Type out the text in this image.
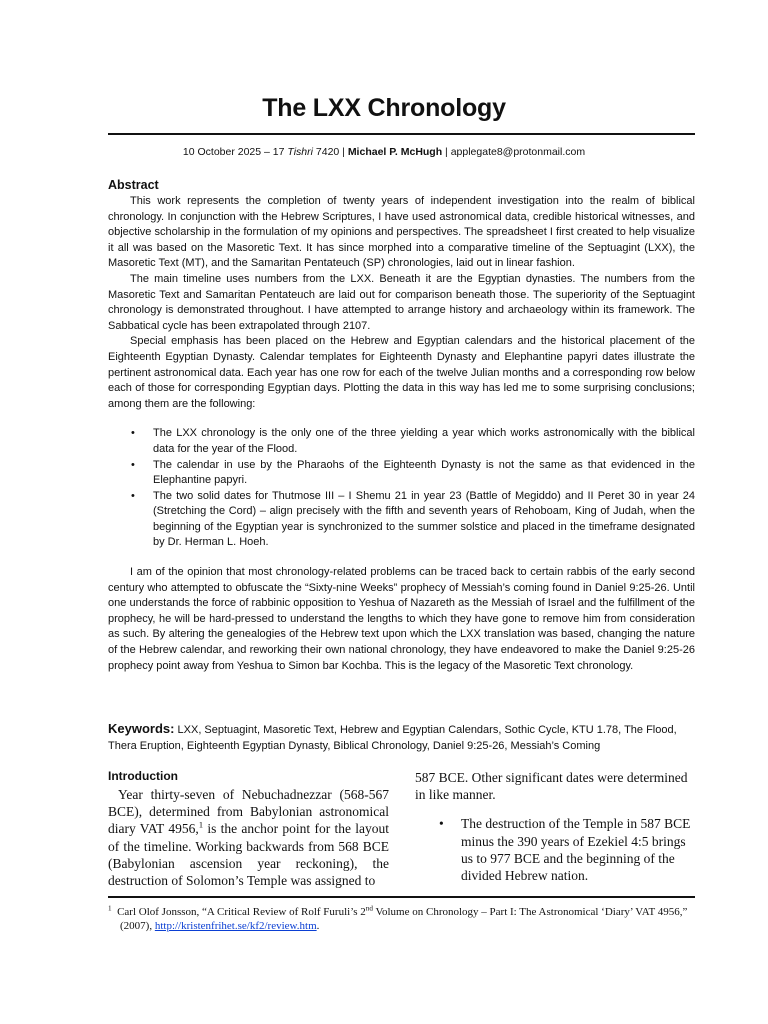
The LXX Chronology
10 October 2025 – 17 Tishri 7420 | Michael P. McHugh | applegate8@protonmail.com
Abstract

This work represents the completion of twenty years of independent investigation into the realm of biblical chronology. In conjunction with the Hebrew Scriptures, I have used astronomical data, credible historical witnesses, and objective scholarship in the formulation of my opinions and perspectives. The spreadsheet I first created to help visualize it all was based on the Masoretic Text. It has since morphed into a comparative timeline of the Septuagint (LXX), the Masoretic Text (MT), and the Samaritan Pentateuch (SP) chronologies, laid out in linear fashion.

The main timeline uses numbers from the LXX. Beneath it are the Egyptian dynasties. The numbers from the Masoretic Text and Samaritan Pentateuch are laid out for comparison beneath those. The superiority of the Septuagint chronology is demonstrated throughout. I have attempted to arrange history and archaeology within its framework. The Sabbatical cycle has been extrapolated through 2107.

Special emphasis has been placed on the Hebrew and Egyptian calendars and the historical placement of the Eighteenth Egyptian Dynasty. Calendar templates for Eighteenth Dynasty and Elephantine papyri dates illustrate the pertinent astronomical data. Each year has one row for each of the twelve Julian months and a corresponding row below each of those for corresponding Egyptian days. Plotting the data in this way has led me to some surprising conclusions; among them are the following:

• The LXX chronology is the only one of the three yielding a year which works astronomically with the biblical data for the year of the Flood.
• The calendar in use by the Pharaohs of the Eighteenth Dynasty is not the same as that evidenced in the Elephantine papyri.
• The two solid dates for Thutmose III – I Shemu 21 in year 23 (Battle of Megiddo) and II Peret 30 in year 24 (Stretching the Cord) – align precisely with the fifth and seventh years of Rehoboam, King of Judah, when the beginning of the Egyptian year is synchronized to the summer solstice and placed in the timeframe designated by Dr. Herman L. Hoeh.

I am of the opinion that most chronology-related problems can be traced back to certain rabbis of the early second century who attempted to obfuscate the “Sixty-nine Weeks” prophecy of Messiah’s coming found in Daniel 9:25-26. Until one understands the force of rabbinic opposition to Yeshua of Nazareth as the Messiah of Israel and the fulfillment of the prophecy, he will be hard-pressed to understand the lengths to which they have gone to remove him from consideration as such. By altering the genealogies of the Hebrew text upon which the LXX translation was based, changing the nature of the Hebrew calendar, and reworking their own national chronology, they have endeavored to make the Daniel 9:25-26 prophecy point away from Yeshua to Simon bar Kochba. This is the legacy of the Masoretic Text chronology.

Keywords: LXX, Septuagint, Masoretic Text, Hebrew and Egyptian Calendars, Sothic Cycle, KTU 1.78, The Flood, Thera Eruption, Eighteenth Egyptian Dynasty, Biblical Chronology, Daniel 9:25-26, Messiah’s Coming
Introduction

Year thirty-seven of Nebuchadnezzar (568-567 BCE), determined from Babylonian astronomical diary VAT 4956,$^1$ is the anchor point for the layout of the timeline. Working backwards from 568 BCE (Babylonian ascension year reckoning), the destruction of Solomon’s Temple was assigned to

587 BCE. Other significant dates were determined in like manner.

• The destruction of the Temple in 587 BCE minus the 390 years of Ezekiel 4:5 brings us to 977 BCE and the beginning of the divided Hebrew nation.
$^1$ Carl Olof Jonsson, “A Critical Review of Rolf Furuli’s 2nd Volume on Chronology – Part I: The Astronomical ‘Diary’ VAT 4956,” (2007), http://kristenfrihet.se/kf2/review.htm.
